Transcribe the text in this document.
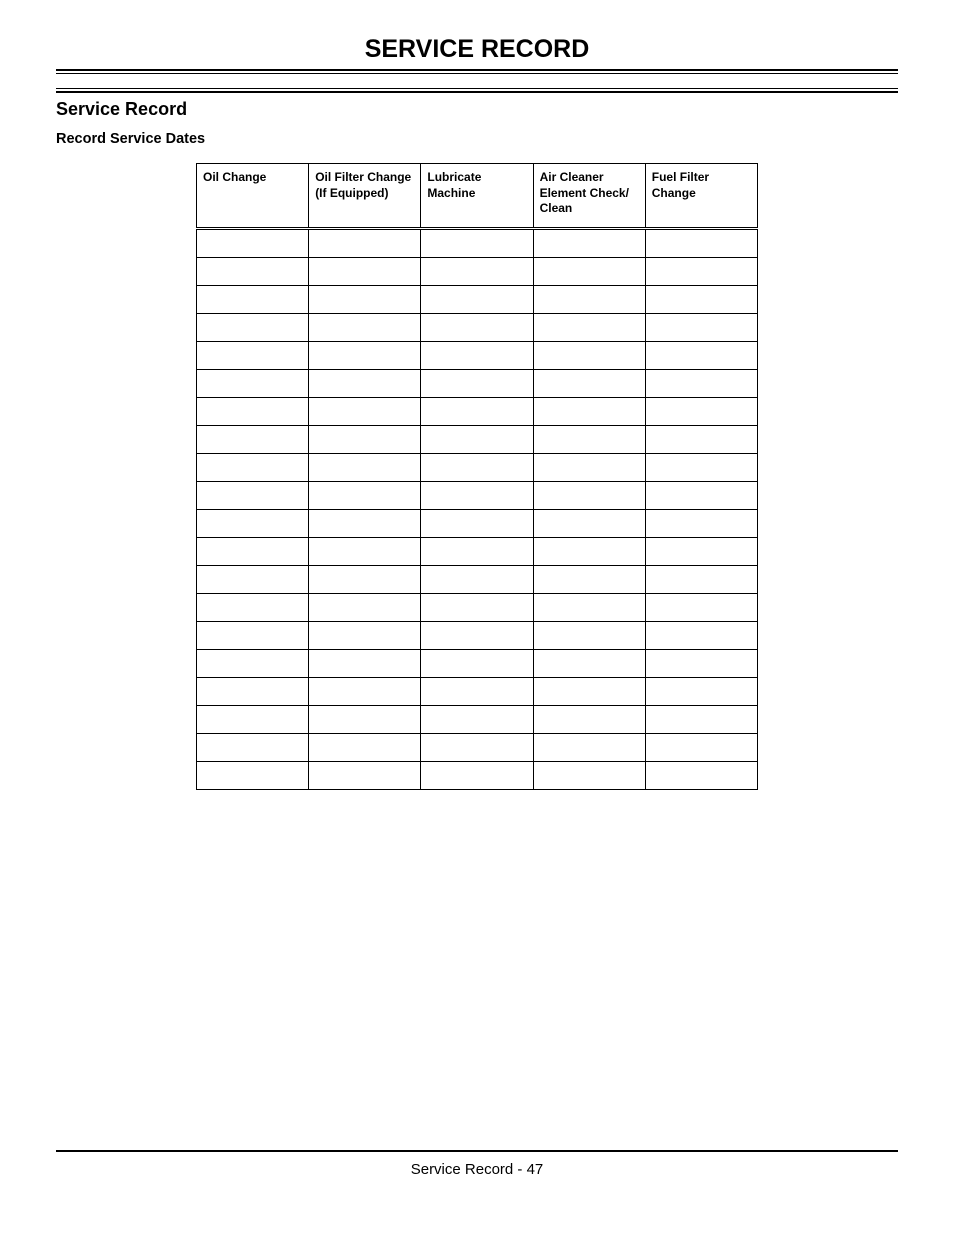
SERVICE RECORD
Service Record
Record Service Dates
Oil Change	Oil Filter Change (If Equipped)	Lubricate Machine	Air Cleaner Element Check/ Clean	Fuel Filter Change

Service Record - 47
